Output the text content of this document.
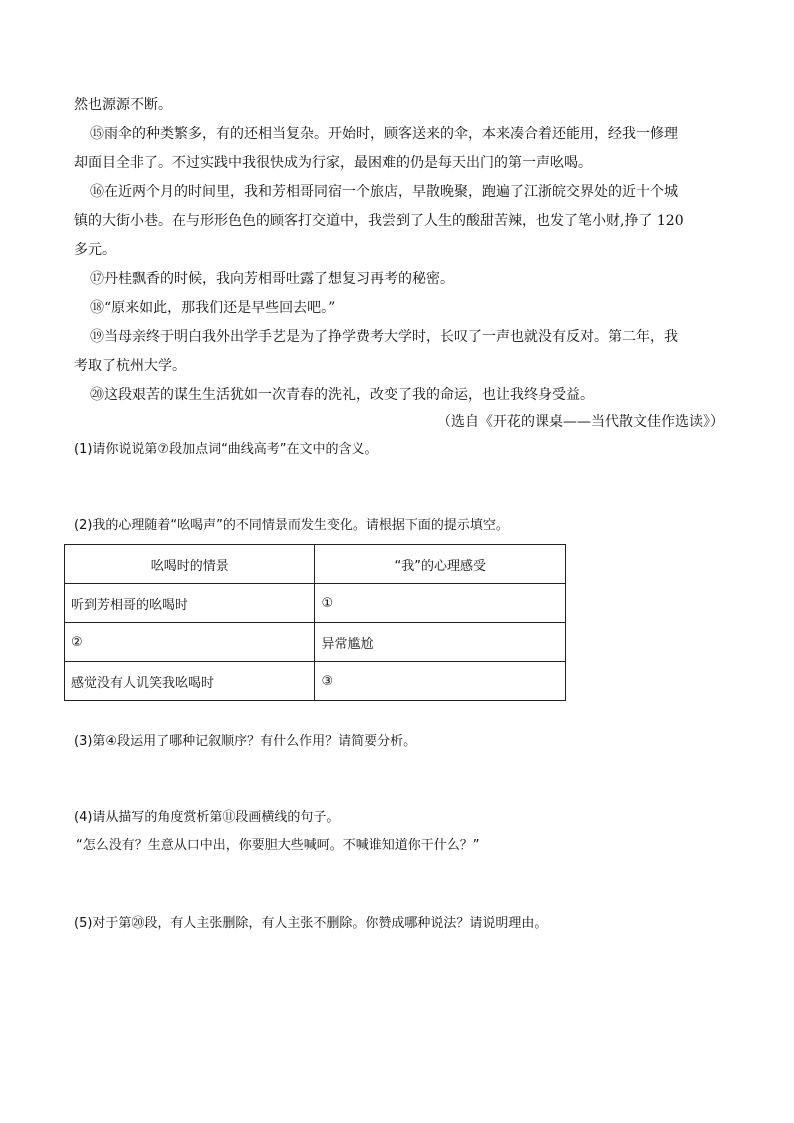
然也源源不断。
⑮雨伞的种类繁多，有的还相当复杂。开始时，顾客送来的伞，本来凑合着还能用，经我一修理
却面目全非了。不过实践中我很快成为行家，最困难的仍是每天出门的第一声吆喝。
⑯在近两个月的时间里，我和芳相哥同宿一个旅店，早散晚聚，跑遍了江浙皖交界处的近十个城
镇的大街小巷。在与形形色色的顾客打交道中，我尝到了人生的酸甜苦辣，也发了笔小财,挣了 120
多元。
⑰丹桂飘香的时候，我向芳相哥吐露了想复习再考的秘密。
⑱“原来如此，那我们还是早些回去吧。”
⑲当母亲终于明白我外出学手艺是为了挣学费考大学时，长叹了一声也就没有反对。第二年，我
考取了杭州大学。
⑳这段艰苦的谋生生活犹如一次青春的洗礼，改变了我的命运，也让我终身受益。
（选自《开花的课桌——当代散文佳作选读》）
(1)请你说说第⑦段加点词“曲线高考”在文中的含义。
(2)我的心理随着“吆喝声”的不同情景而发生变化。请根据下面的提示填空。
吆喝时的情景	“我”的心理感受
听到芳相哥的吆喝时	①
②	异常尴尬
感觉没有人讥笑我吆喝时	③
(3)第④段运用了哪种记叙顺序？有什么作用？请简要分析。
(4)请从描写的角度赏析第⑪段画横线的句子。
“怎么没有？生意从口中出，你要胆大些喊呵。不喊谁知道你干什么？”
(5)对于第⑳段，有人主张删除，有人主张不删除。你赞成哪种说法？请说明理由。
